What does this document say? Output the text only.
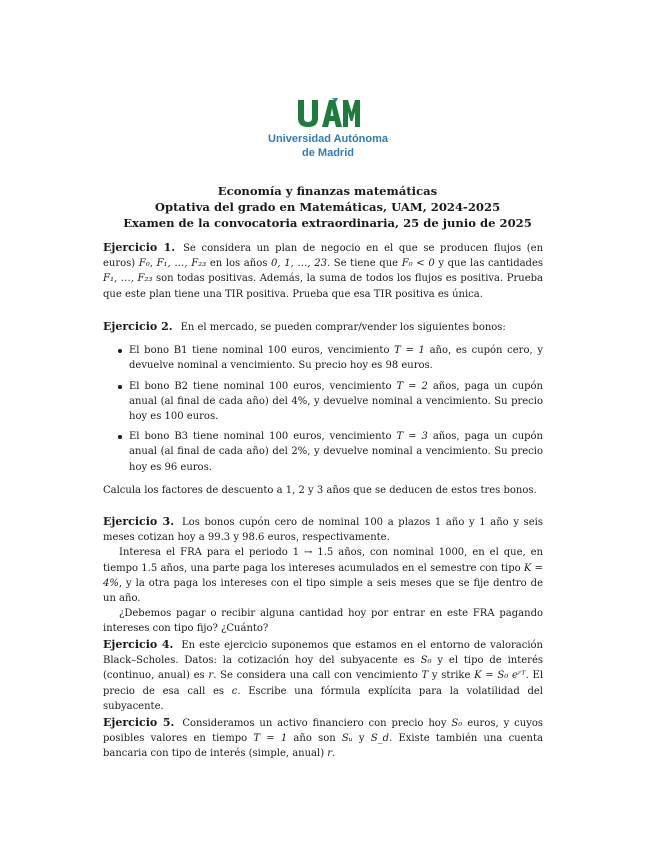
Universidad Autónoma
de Madrid
Economía y finanzas matemáticas
Optativa del grado en Matemáticas, UAM, 2024-2025
Examen de la convocatoria extraordinaria, 25 de junio de 2025

Ejercicio 1. Se considera un plan de negocio en el que se producen flujos (en euros) F₀, F₁, …, F₂₃ en los años 0, 1, …, 23. Se tiene que F₀ < 0 y que las cantidades F₁, …, F₂₃ son todas positivas. Además, la suma de todos los flujos es positiva. Prueba que este plan tiene una TIR positiva. Prueba que esa TIR positiva es única.

Ejercicio 2. En el mercado, se pueden comprar/vender los siguientes bonos:

El bono B1 tiene nominal 100 euros, vencimiento T = 1 año, es cupón cero, y devuelve nominal a vencimiento. Su precio hoy es 98 euros.
El bono B2 tiene nominal 100 euros, vencimiento T = 2 años, paga un cupón anual (al final de cada año) del 4%, y devuelve nominal a vencimiento. Su precio hoy es 100 euros.
El bono B3 tiene nominal 100 euros, vencimiento T = 3 años, paga un cupón anual (al final de cada año) del 2%, y devuelve nominal a vencimiento. Su precio hoy es 96 euros.

Calcula los factores de descuento a 1, 2 y 3 años que se deducen de estos tres bonos.

Ejercicio 3. Los bonos cupón cero de nominal 100 a plazos 1 año y 1 año y seis meses cotizan hoy a 99.3 y 98.6 euros, respectivamente.

Interesa el FRA para el periodo 1 → 1.5 años, con nominal 1000, en el que, en tiempo 1.5 años, una parte paga los intereses acumulados en el semestre con tipo K = 4%, y la otra paga los intereses con el tipo simple a seis meses que se fije dentro de un año.

¿Debemos pagar o recibir alguna cantidad hoy por entrar en este FRA pagando intereses con tipo fijo? ¿Cuánto?

Ejercicio 4. En este ejercicio suponemos que estamos en el entorno de valoración Black–Scholes. Datos: la cotización hoy del subyacente es S₀ y el tipo de interés (continuo, anual) es r. Se considera una call con vencimiento T y strike K = S₀ eʳᵀ. El precio de esa call es c. Escribe una fórmula explícita para la volatilidad del subyacente.

Ejercicio 5. Consideramos un activo financiero con precio hoy S₀ euros, y cuyos posibles valores en tiempo T = 1 año son Sᵤ y S_d. Existe también una cuenta bancaria con tipo de interés (simple, anual) r.
